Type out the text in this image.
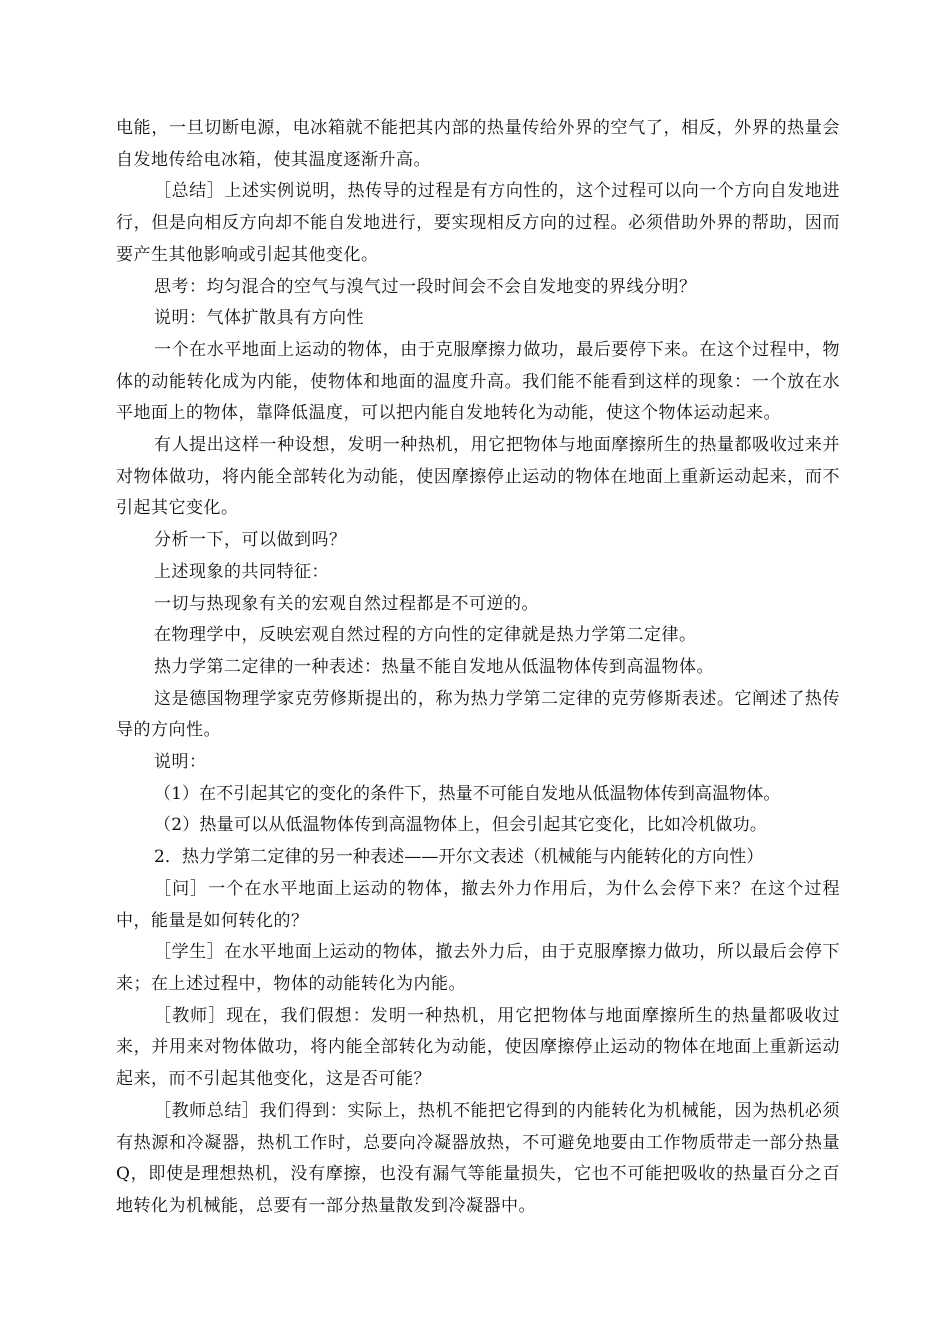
电能，一旦切断电源，电冰箱就不能把其内部的热量传给外界的空气了，相反，外界的热量会自发地传给电冰箱，使其温度逐渐升高。

［总结］上述实例说明，热传导的过程是有方向性的，这个过程可以向一个方向自发地进行，但是向相反方向却不能自发地进行，要实现相反方向的过程。必须借助外界的帮助，因而要产生其他影响或引起其他变化。

思考：均匀混合的空气与溴气过一段时间会不会自发地变的界线分明？

说明：气体扩散具有方向性

一个在水平地面上运动的物体，由于克服摩擦力做功，最后要停下来。在这个过程中，物体的动能转化成为内能，使物体和地面的温度升高。我们能不能看到这样的现象：一个放在水平地面上的物体，靠降低温度，可以把内能自发地转化为动能，使这个物体运动起来。

有人提出这样一种设想，发明一种热机，用它把物体与地面摩擦所生的热量都吸收过来并对物体做功，将内能全部转化为动能，使因摩擦停止运动的物体在地面上重新运动起来，而不引起其它变化。

分析一下，可以做到吗？

上述现象的共同特征：

一切与热现象有关的宏观自然过程都是不可逆的。

在物理学中，反映宏观自然过程的方向性的定律就是热力学第二定律。

热力学第二定律的一种表述：热量不能自发地从低温物体传到高温物体。

这是德国物理学家克劳修斯提出的，称为热力学第二定律的克劳修斯表述。它阐述了热传导的方向性。

说明：

（1）在不引起其它的变化的条件下，热量不可能自发地从低温物体传到高温物体。

（2）热量可以从低温物体传到高温物体上，但会引起其它变化，比如冷机做功。

2．热力学第二定律的另一种表述——开尔文表述（机械能与内能转化的方向性）

［问］一个在水平地面上运动的物体，撤去外力作用后，为什么会停下来？在这个过程中，能量是如何转化的？

［学生］在水平地面上运动的物体，撤去外力后，由于克服摩擦力做功，所以最后会停下来；在上述过程中，物体的动能转化为内能。

［教师］现在，我们假想：发明一种热机，用它把物体与地面摩擦所生的热量都吸收过来，并用来对物体做功，将内能全部转化为动能，使因摩擦停止运动的物体在地面上重新运动起来，而不引起其他变化，这是否可能？

［教师总结］我们得到：实际上，热机不能把它得到的内能转化为机械能，因为热机必须有热源和冷凝器，热机工作时，总要向冷凝器放热，不可避免地要由工作物质带走一部分热量Q，即使是理想热机，没有摩擦，也没有漏气等能量损失，它也不可能把吸收的热量百分之百地转化为机械能，总要有一部分热量散发到冷凝器中。
